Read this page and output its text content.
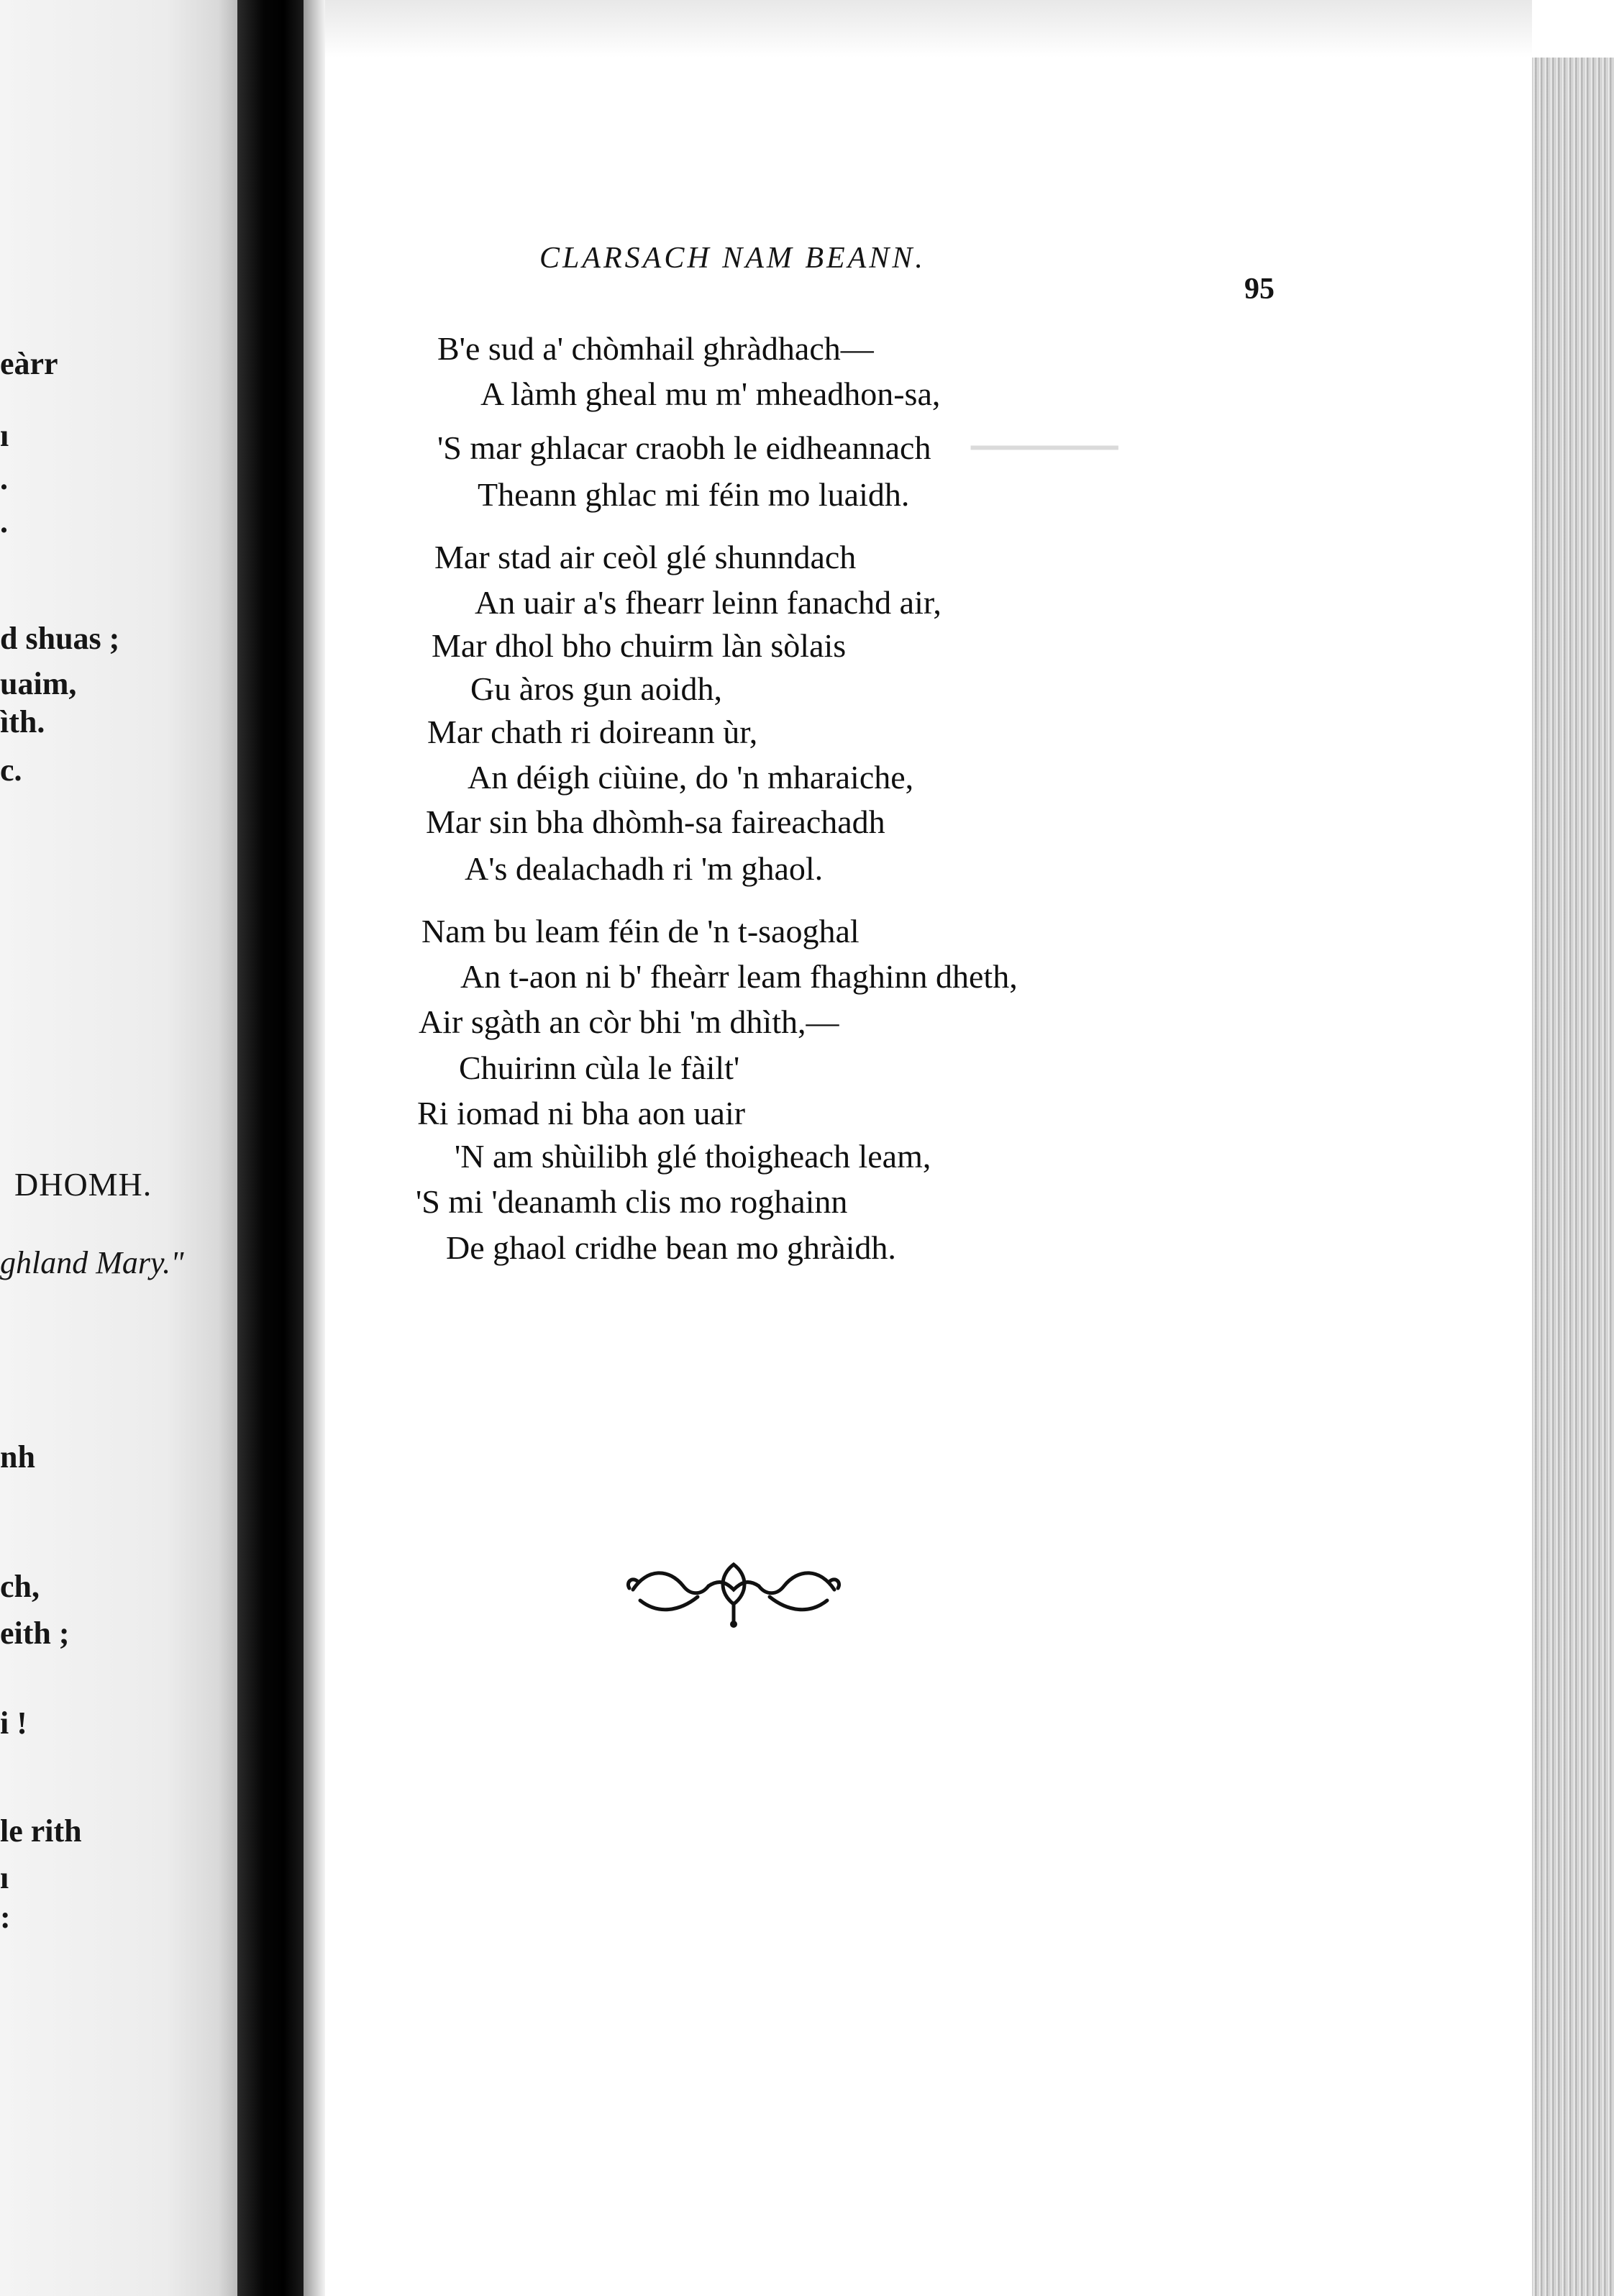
eàrr
ı
.
.
d shuas ;
uaim,
ìth.
c.
DHOMH.
ghland Mary."
nh
ch,
eith ;
i !
le rith
ı
:
▔▔▔▔▔▔▔
CLARSACH NAM BEANN.
95
B'e sud a' chòmhail ghràdhach—
A làmh gheal mu m' mheadhon-sa,
'S mar ghlacar craobh le eidheannach
Theann ghlac mi féin mo luaidh.
Mar stad air ceòl glé shunndach
An uair a's fhearr leinn fanachd air,
Mar dhol bho chuirm làn sòlais
Gu àros gun aoidh,
Mar chath ri doireann ùr,
An déigh ciùine, do 'n mharaiche,
Mar sin bha dhòmh-sa faireachadh
A's dealachadh ri 'm ghaol.
Nam bu leam féin de 'n t-saoghal
An t-aon ni b' fheàrr leam fhaghinn dheth,
Air sgàth an còr bhi 'm dhìth,—
Chuirinn cùla le fàilt'
Ri iomad ni bha aon uair
'N am shùilibh glé thoigheach leam,
'S mi 'deanamh clis mo roghainn
De ghaol cridhe bean mo ghràidh.
